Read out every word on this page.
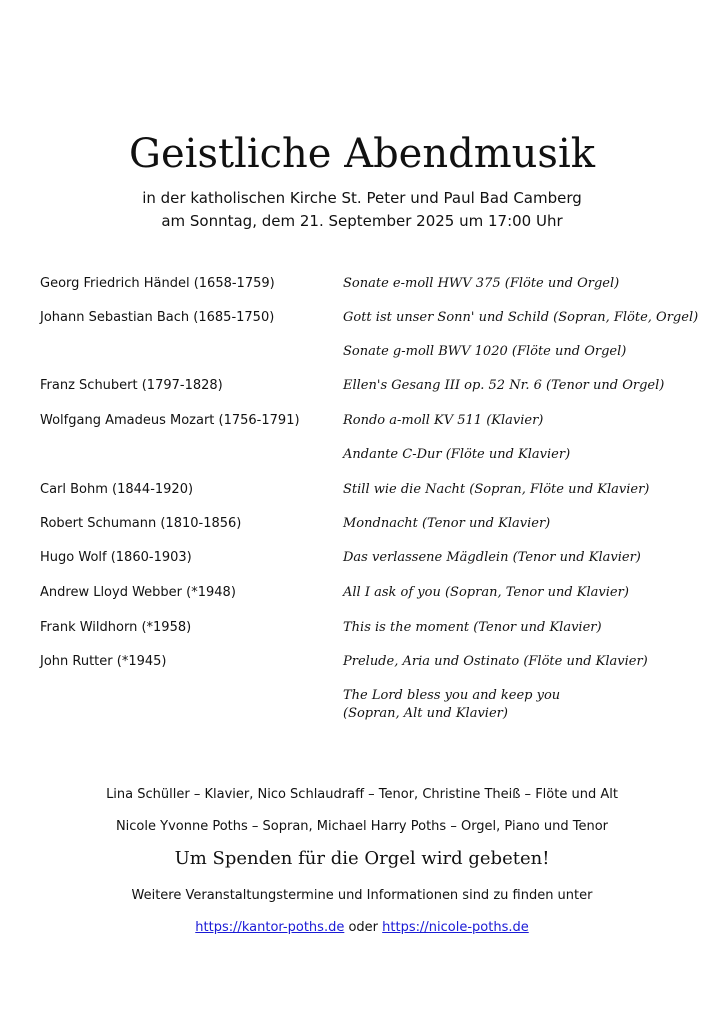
Geistliche Abendmusik
in der katholischen Kirche St. Peter und Paul Bad Camberg
am Sonntag, dem 21. September 2025 um 17:00 Uhr
Georg Friedrich Händel (1658-1759)	Sonate e-moll HWV 375 (Flöte und Orgel)
Johann Sebastian Bach (1685-1750)	Gott ist unser Sonn' und Schild (Sopran, Flöte, Orgel)
Sonate g-moll BWV 1020 (Flöte und Orgel)
Franz Schubert (1797-1828)	Ellen's Gesang III op. 52 Nr. 6 (Tenor und Orgel)
Wolfgang Amadeus Mozart (1756-1791)	Rondo a-moll KV 511 (Klavier)
Andante C-Dur (Flöte und Klavier)
Carl Bohm (1844-1920)	Still wie die Nacht (Sopran, Flöte und Klavier)
Robert Schumann (1810-1856)	Mondnacht (Tenor und Klavier)
Hugo Wolf (1860-1903)	Das verlassene Mägdlein (Tenor und Klavier)
Andrew Lloyd Webber (*1948)	All I ask of you (Sopran, Tenor und Klavier)
Frank Wildhorn (*1958)	This is the moment (Tenor und Klavier)
John Rutter (*1945)	Prelude, Aria und Ostinato (Flöte und Klavier)
The Lord bless you and keep you
(Sopran, Alt und Klavier)
Lina Schüller – Klavier, Nico Schlaudraff – Tenor, Christine Theiß – Flöte und Alt
Nicole Yvonne Poths – Sopran, Michael Harry Poths – Orgel, Piano und Tenor
Um Spenden für die Orgel wird gebeten!
Weitere Veranstaltungstermine und Informationen sind zu finden unter
https://kantor-poths.de oder https://nicole-poths.de
